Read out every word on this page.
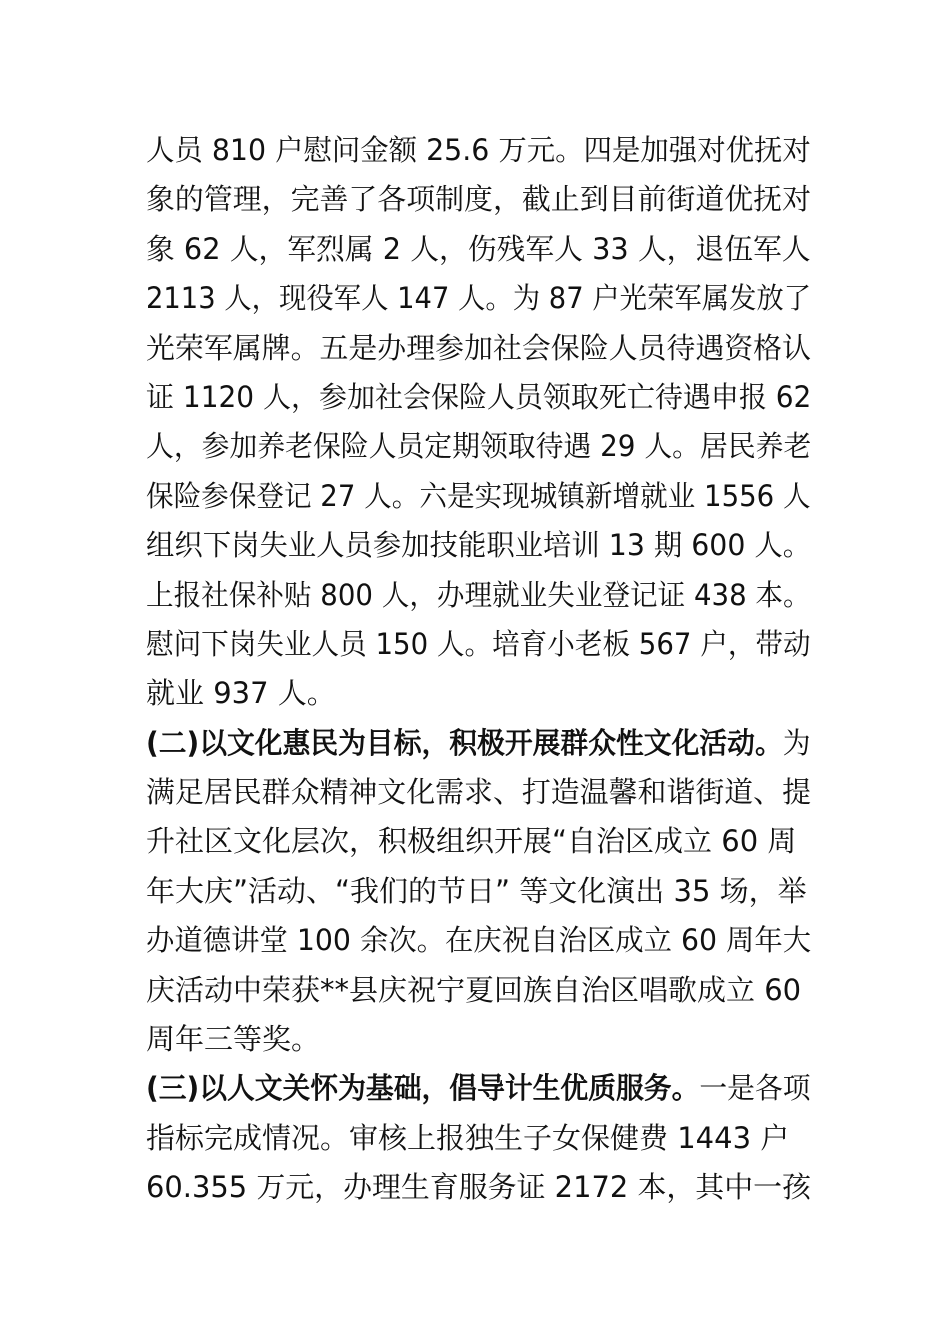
人员 810 户慰问金额 25.6 万元。四是加强对优抚对
象的管理，完善了各项制度，截止到目前街道优抚对
象 62 人，军烈属 2 人，伤残军人 33 人，退伍军人
2113 人，现役军人 147 人。为 87 户光荣军属发放了
光荣军属牌。五是办理参加社会保险人员待遇资格认
证 1120 人，参加社会保险人员领取死亡待遇申报 62
人，参加养老保险人员定期领取待遇 29 人。居民养老
保险参保登记 27 人。六是实现城镇新增就业 1556 人
组织下岗失业人员参加技能职业培训 13 期 600 人。
上报社保补贴 800 人，办理就业失业登记证 438 本。
慰问下岗失业人员 150 人。培育小老板 567 户，带动
就业 937 人。
(二)以文化惠民为目标，积极开展群众性文化活动。为
满足居民群众精神文化需求、打造温馨和谐街道、提
升社区文化层次，积极组织开展“自治区成立 60 周
年大庆”活动、“我们的节日” 等文化演出 35 场，举
办道德讲堂 100 余次。在庆祝自治区成立 60 周年大
庆活动中荣获**县庆祝宁夏回族自治区唱歌成立 60
周年三等奖。
(三)以人文关怀为基础，倡导计生优质服务。一是各项
指标完成情况。审核上报独生子女保健费 1443 户
60.355 万元，办理生育服务证 2172 本，其中一孩
